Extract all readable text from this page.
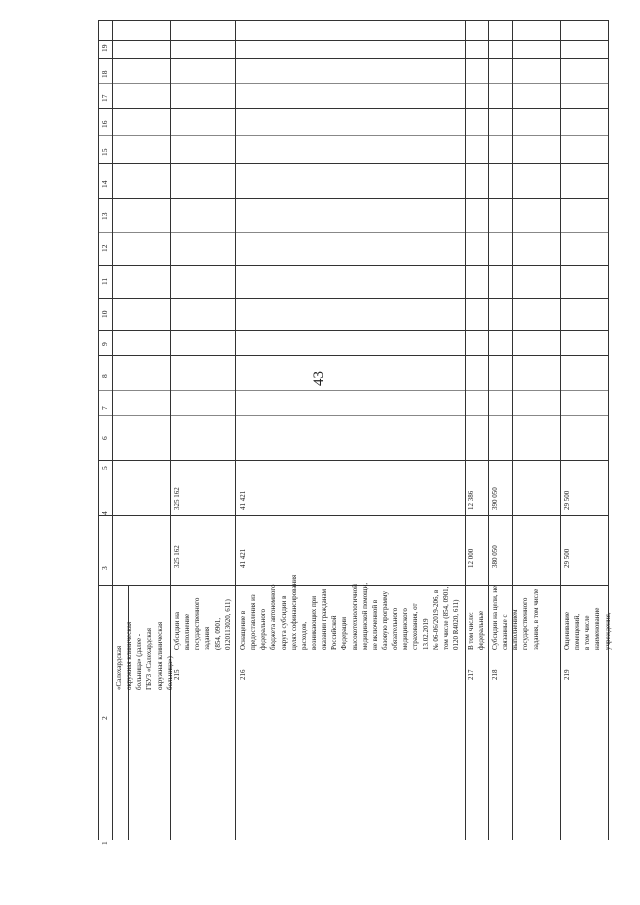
43
1
2
3
4
5
6
7
8
9
10
11
12
13
14
15
16
17
18
19
«Салехардская
окружная клиническая
больница» (далее -
ГБУЗ «Салехардская
окружная клиническая
больница») 215
Субсидии на
выполнение
государственного
задания
(854, 0901,
0120113020, 611)
325 162
325 162
216
Оснащение в
предоставления из
федерального
бюджета автономного
округа субсидии в
целях софинансирования
расходов,
возникающих при
оказании гражданам
Российской
Федерации
высокотехнологичной
медицинской помощи,
не включенной в
базовую программу
обязательного
медицинского
страхования, от
13.02.2019
№ 06-06/2019-206, в
том числе (854, 0901,
0120 R4020, 611)
41 421
41 421
217
В том числе:
федеральные
12 000
12 386
218
Субсидии на цели, не
связанные с
выполнением
государственного
задания, в том числе
380 050
390 050
219
Ощенивание помещений,
в том числе
наименование учреждения,
29 500
29 500
